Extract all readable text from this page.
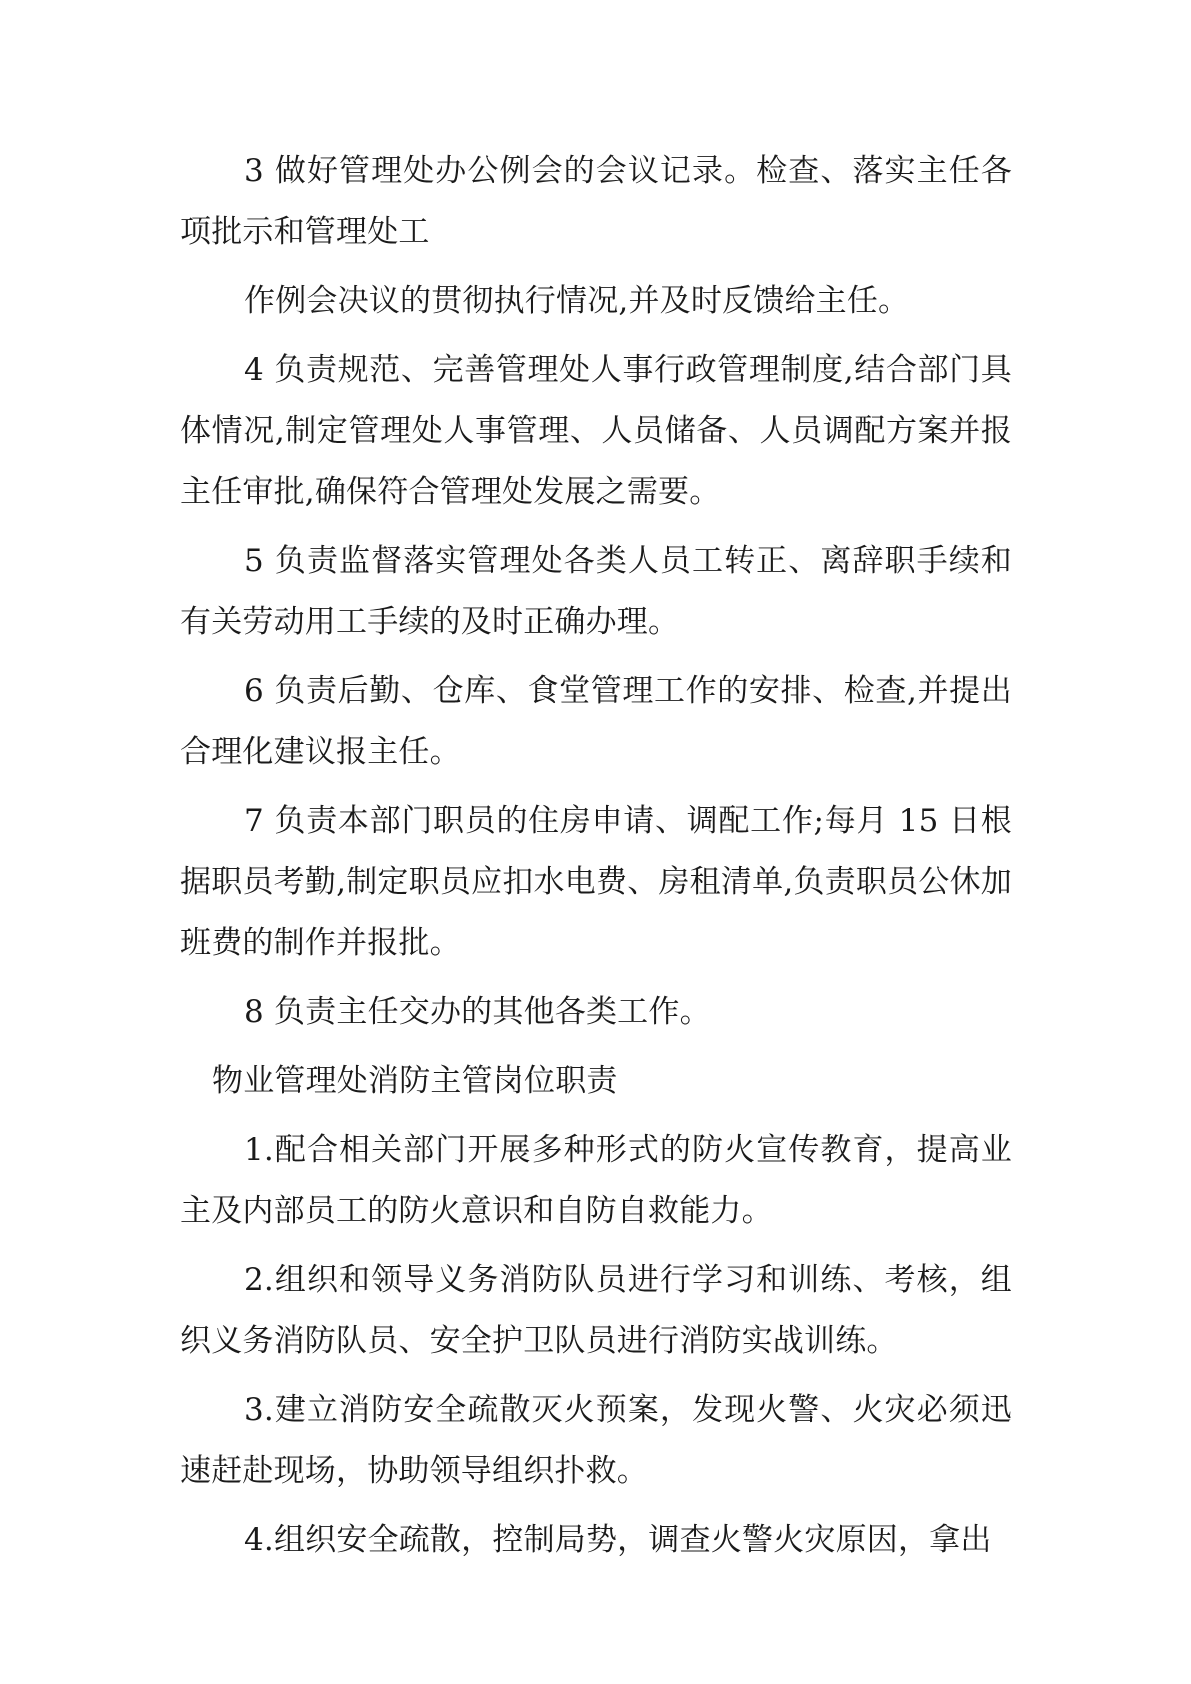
3 做好管理处办公例会的会议记录。检查、落实主任各项批示和管理处工

作例会决议的贯彻执行情况,并及时反馈给主任。

4 负责规范、完善管理处人事行政管理制度,结合部门具体情况,制定管理处人事管理、人员储备、人员调配方案并报主任审批,确保符合管理处发展之需要。

5 负责监督落实管理处各类人员工转正、离辞职手续和有关劳动用工手续的及时正确办理。

6 负责后勤、仓库、食堂管理工作的安排、检查,并提出合理化建议报主任。

7 负责本部门职员的住房申请、调配工作;每月 15 日根据职员考勤,制定职员应扣水电费、房租清单,负责职员公休加班费的制作并报批。

8 负责主任交办的其他各类工作。

物业管理处消防主管岗位职责

1.配合相关部门开展多种形式的防火宣传教育，提高业主及内部员工的防火意识和自防自救能力。

2.组织和领导义务消防队员进行学习和训练、考核，组织义务消防队员、安全护卫队员进行消防实战训练。

3.建立消防安全疏散灭火预案，发现火警、火灾必须迅速赶赴现场，协助领导组织扑救。

4.组织安全疏散，控制局势，调查火警火灾原因，拿出
